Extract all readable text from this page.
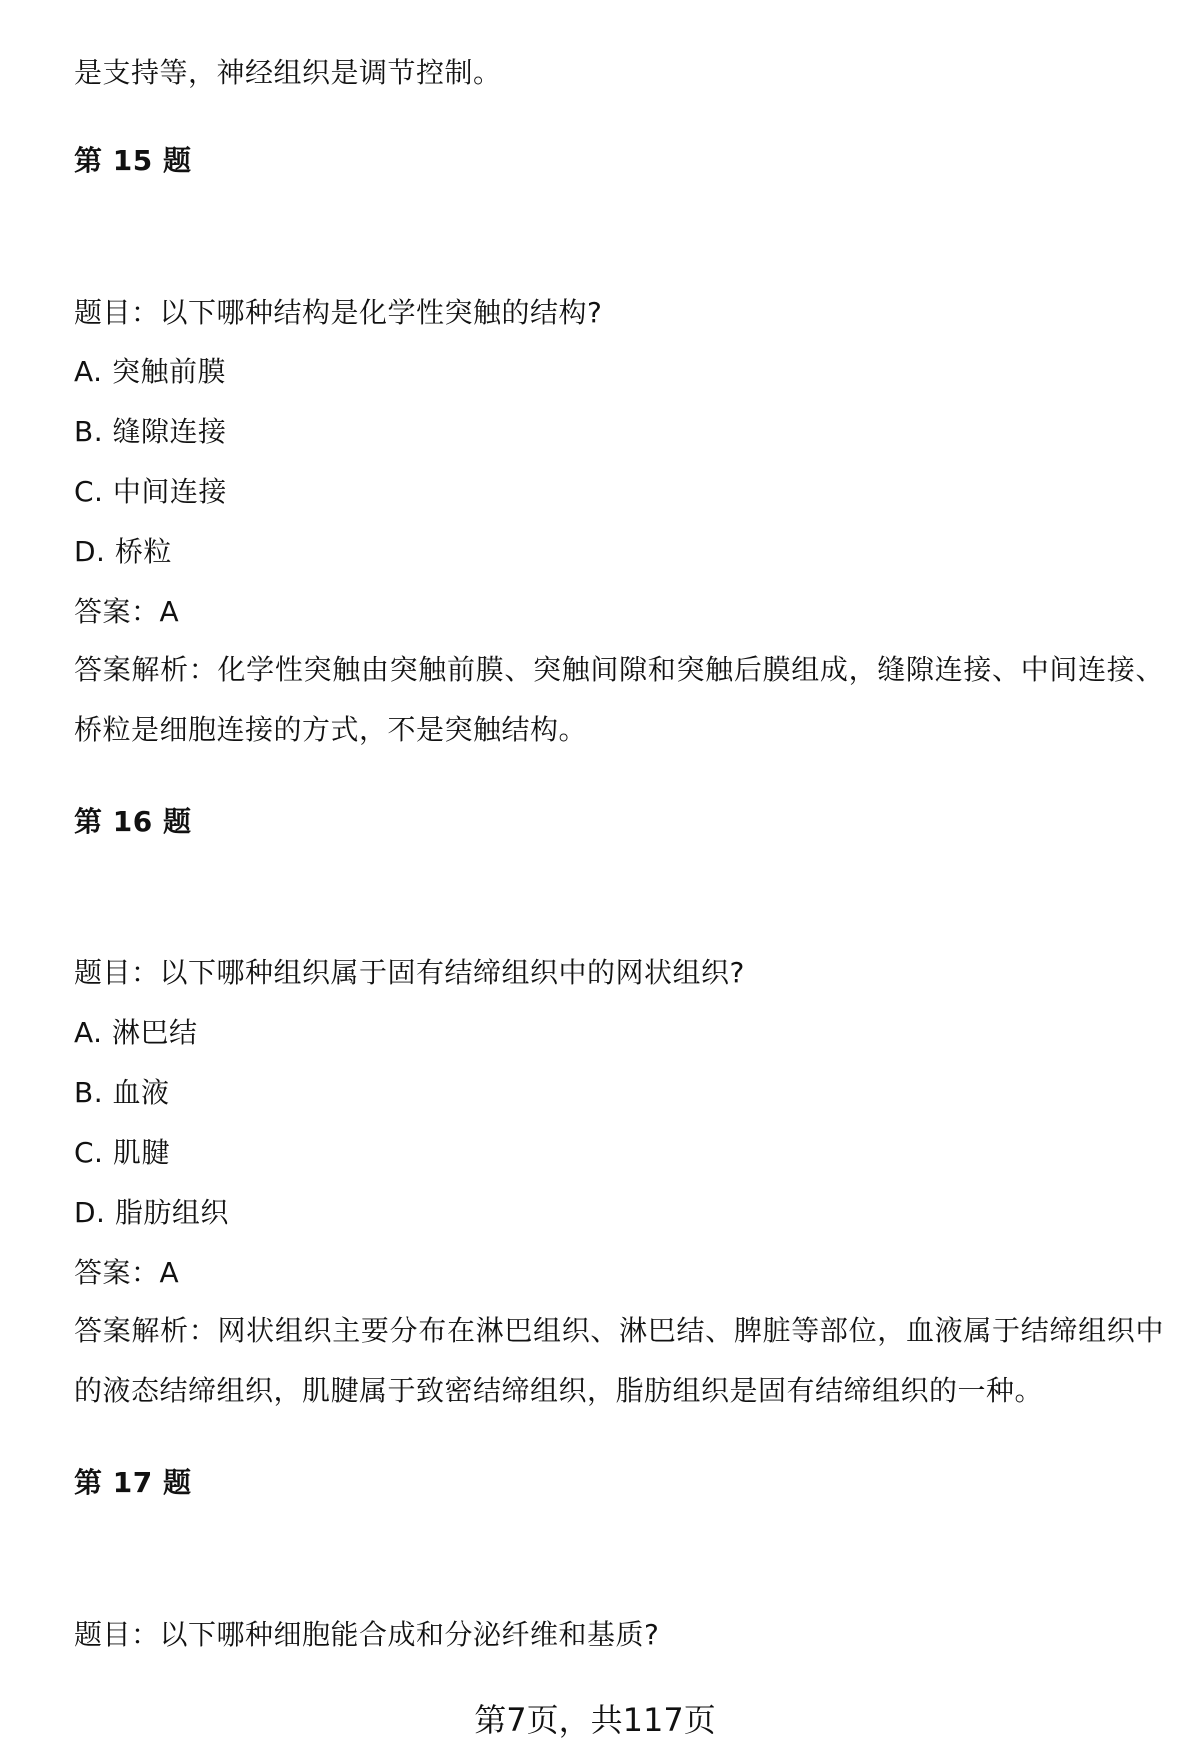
是支持等，神经组织是调节控制。
第 15 题
题目：以下哪种结构是化学性突触的结构?
A. 突触前膜
B. 缝隙连接
C. 中间连接
D. 桥粒
答案：A
答案解析：化学性突触由突触前膜、突触间隙和突触后膜组成，缝隙连接、中间连接、桥粒是细胞连接的方式，不是突触结构。
第 16 题
题目：以下哪种组织属于固有结缔组织中的网状组织?
A. 淋巴结
B. 血液
C. 肌腱
D. 脂肪组织
答案：A
答案解析：网状组织主要分布在淋巴组织、淋巴结、脾脏等部位，血液属于结缔组织中的液态结缔组织，肌腱属于致密结缔组织，脂肪组织是固有结缔组织的一种。
第 17 题
题目：以下哪种细胞能合成和分泌纤维和基质?
第7页，共117页
